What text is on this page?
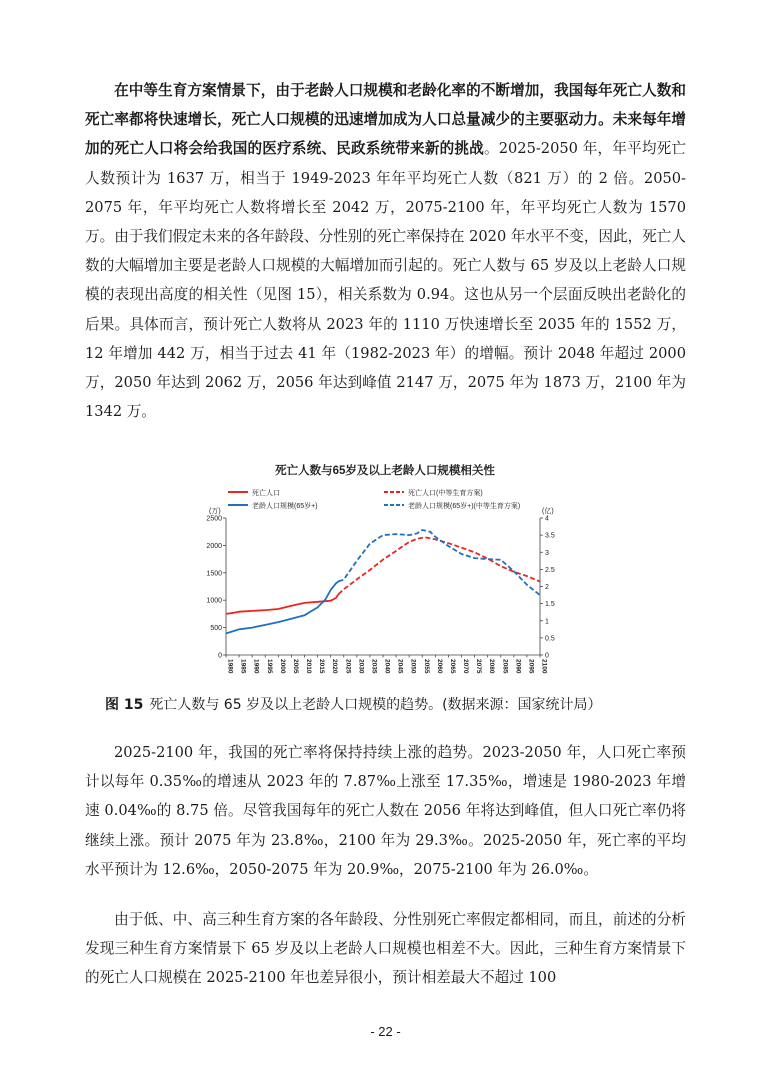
在中等生育方案情景下，由于老龄人口规模和老龄化率的不断增加，我国每年死亡人数和死亡率都将快速增长，死亡人口规模的迅速增加成为人口总量减少的主要驱动力。未来每年增加的死亡人口将会给我国的医疗系统、民政系统带来新的挑战。2025-2050 年，年平均死亡人数预计为 1637 万，相当于 1949-2023 年年平均死亡人数（821 万）的 2 倍。2050-2075 年，年平均死亡人数将增长至 2042 万，2075-2100 年，年平均死亡人数为 1570 万。由于我们假定未来的各年龄段、分性别的死亡率保持在 2020 年水平不变，因此，死亡人数的大幅增加主要是老龄人口规模的大幅增加而引起的。死亡人数与 65 岁及以上老龄人口规模的表现出高度的相关性（见图 15），相关系数为 0.94。这也从另一个层面反映出老龄化的后果。具体而言，预计死亡人数将从 2023 年的 1110 万快速增长至 2035 年的 1552 万，12 年增加 442 万，相当于过去 41 年（1982-2023 年）的增幅。预计 2048 年超过 2000 万，2050 年达到 2062 万，2056 年达到峰值 2147 万，2075 年为 1873 万，2100 年为 1342 万。
死亡人数与65岁及以上老龄人口规模相关性
死亡人口
老龄人口规模(65岁+)
死亡人口(中等生育方案)
老龄人口规模(65岁+)(中等生育方案)
(万)	(亿)
0
500
1000
1500
2000
2500
0
0.5
1
1.5
2
2.5
3
3.5
4
1980 1985 1990 1995 2000 2005 2010 2015 2020 2025 2030 2035 2040 2045 2050 2055 2060 2065 2070 2075 2080 2085 2090 2095 2100
图 15 死亡人数与 65 岁及以上老龄人口规模的趋势。(数据来源：国家统计局）
2025-2100 年，我国的死亡率将保持持续上涨的趋势。2023-2050 年，人口死亡率预计以每年 0.35‰的增速从 2023 年的 7.87‰上涨至 17.35‰，增速是 1980-2023 年增速 0.04‰的 8.75 倍。尽管我国每年的死亡人数在 2056 年将达到峰值，但人口死亡率仍将继续上涨。预计 2075 年为 23.8‰，2100 年为 29.3‰。2025-2050 年，死亡率的平均水平预计为 12.6‰，2050-2075 年为 20.9‰，2075-2100 年为 26.0‰。
由于低、中、高三种生育方案的各年龄段、分性别死亡率假定都相同，而且，前述的分析发现三种生育方案情景下 65 岁及以上老龄人口规模也相差不大。因此，三种生育方案情景下的死亡人口规模在 2025-2100 年也差异很小，预计相差最大不超过 100
- 22 -
